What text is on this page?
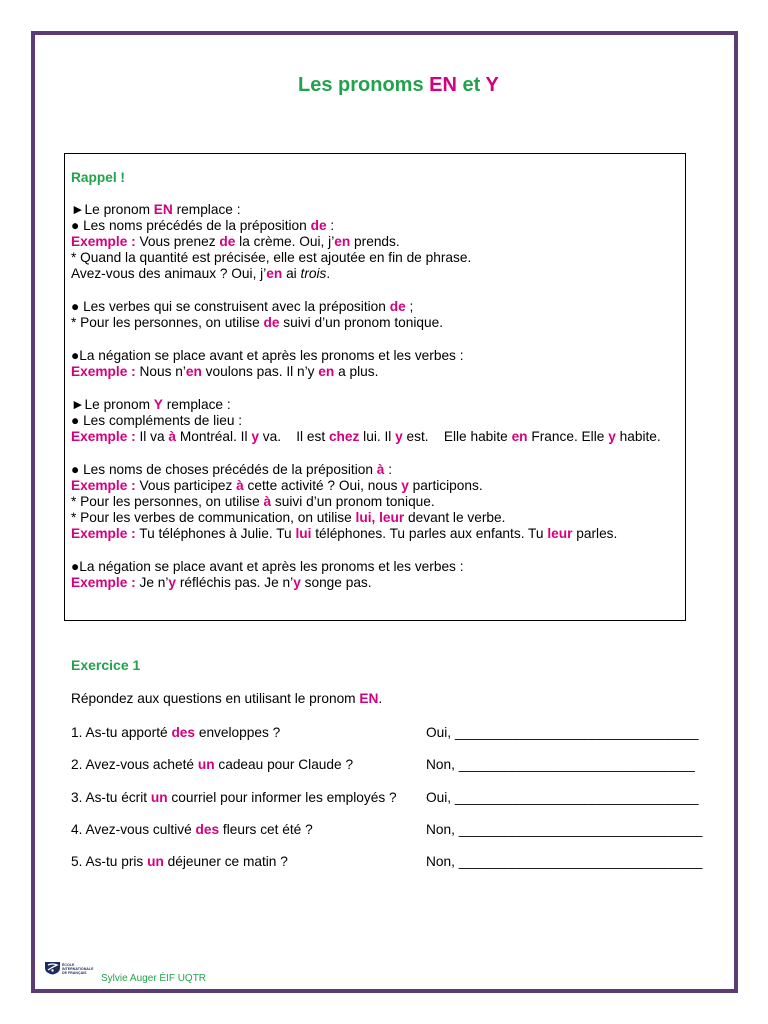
Les pronoms EN et Y
Rappel !
►Le pronom EN remplace :
● Les noms précédés de la préposition de :
Exemple : Vous prenez de la crème. Oui, j’en prends.
* Quand la quantité est précisée, elle est ajoutée en fin de phrase.
Avez-vous des animaux ? Oui, j’en ai trois.
● Les verbes qui se construisent avec la préposition de ;
* Pour les personnes, on utilise de suivi d’un pronom tonique.
●La négation se place avant et après les pronoms et les verbes :
Exemple : Nous n’en voulons pas. Il n’y en a plus.
►Le pronom Y remplace :
● Les compléments de lieu :
Exemple : Il va à Montréal. Il y va.    Il est chez lui. Il y est.    Elle habite en France. Elle y habite.
● Les noms de choses précédés de la préposition à :
Exemple : Vous participez à cette activité ? Oui, nous y participons.
* Pour les personnes, on utilise à suivi d’un pronom tonique.
* Pour les verbes de communication, on utilise lui, leur devant le verbe.
Exemple : Tu téléphones à Julie. Tu lui téléphones. Tu parles aux enfants. Tu leur parles.
●La négation se place avant et après les pronoms et les verbes :
Exemple : Je n’y réfléchis pas. Je n’y songe pas.
Exercice 1
Répondez aux questions en utilisant le pronom EN.
1. As-tu apporté des enveloppes ?	Oui, ________________________________
2. Avez-vous acheté un cadeau pour Claude ?	Non, _______________________________
3. As-tu écrit un courriel pour informer les employés ? Oui, ________________________________
4. Avez-vous cultivé des fleurs cet été ?	Non, ________________________________
5. As-tu pris un déjeuner ce matin ?	Non, ________________________________
ÉCOLE
INTERNATIONALE
DE FRANÇAIS	Sylvie Auger ÉIF UQTR
